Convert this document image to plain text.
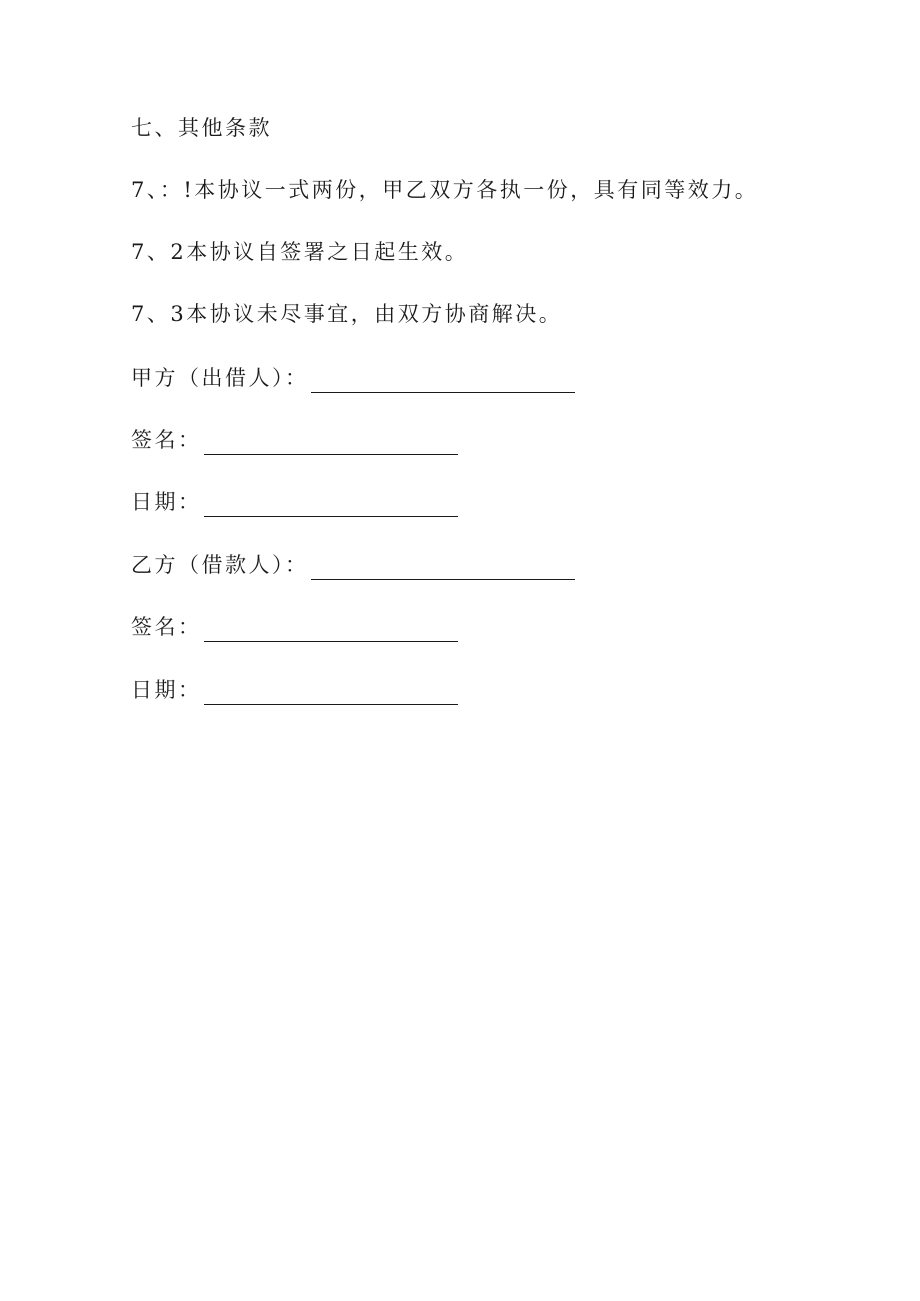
七、其他条款
7、：!本协议一式两份，甲乙双方各执一份，具有同等效力。
7、2本协议自签署之日起生效。
7、3本协议未尽事宜，由双方协商解决。
甲方（出借人）：
签名：
日期：
乙方（借款人）：
签名：
日期：
